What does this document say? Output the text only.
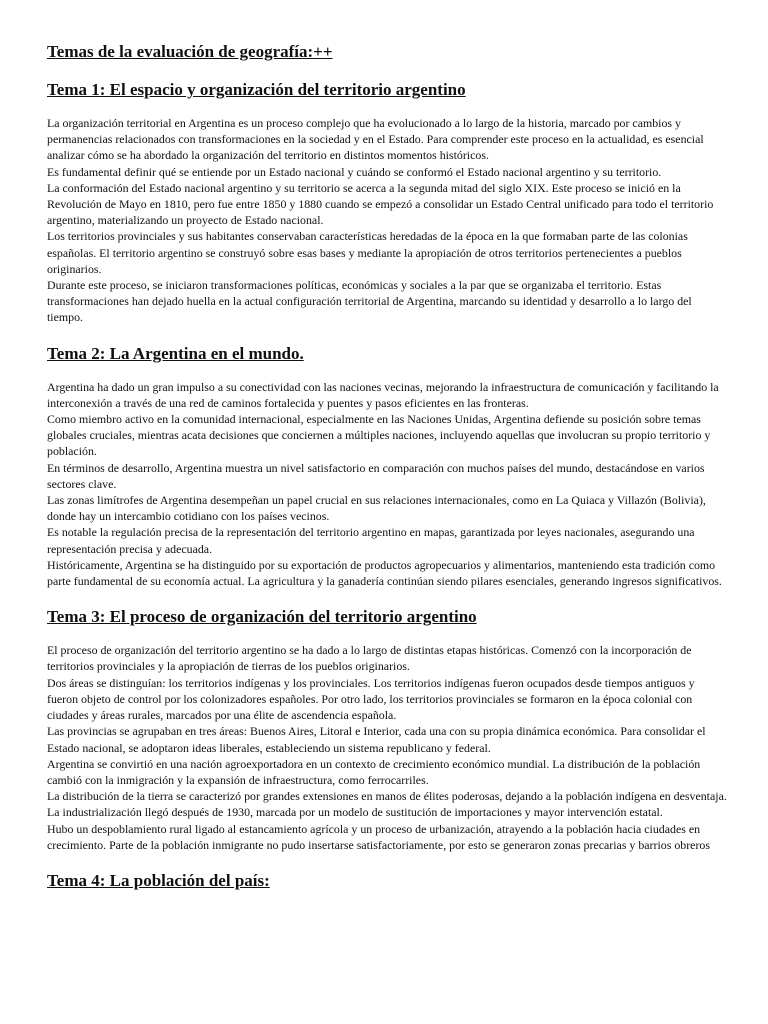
Temas de la evaluación de geografía:++
Tema 1: El espacio y organización del territorio argentino

La organización territorial en Argentina es un proceso complejo que ha evolucionado a lo largo de la historia, marcado por cambios y permanencias relacionados con transformaciones en la sociedad y en el Estado. Para comprender este proceso en la actualidad, es esencial analizar cómo se ha abordado la organización del territorio en distintos momentos históricos.

Es fundamental definir qué se entiende por un Estado nacional y cuándo se conformó el Estado nacional argentino y su territorio.

La conformación del Estado nacional argentino y su territorio se acerca a la segunda mitad del siglo XIX. Este proceso se inició en la Revolución de Mayo en 1810, pero fue entre 1850 y 1880 cuando se empezó a consolidar un Estado Central unificado para todo el territorio argentino, materializando un proyecto de Estado nacional.

Los territorios provinciales y sus habitantes conservaban características heredadas de la época en la que formaban parte de las colonias españolas. El territorio argentino se construyó sobre esas bases y mediante la apropiación de otros territorios pertenecientes a pueblos originarios.

Durante este proceso, se iniciaron transformaciones políticas, económicas y sociales a la par que se organizaba el territorio. Estas transformaciones han dejado huella en la actual configuración territorial de Argentina, marcando su identidad y desarrollo a lo largo del tiempo.

Tema 2: La Argentina en el mundo.

Argentina ha dado un gran impulso a su conectividad con las naciones vecinas, mejorando la infraestructura de comunicación y facilitando la interconexión a través de una red de caminos fortalecida y puentes y pasos eficientes en las fronteras.

Como miembro activo en la comunidad internacional, especialmente en las Naciones Unidas, Argentina defiende su posición sobre temas globales cruciales, mientras acata decisiones que conciernen a múltiples naciones, incluyendo aquellas que involucran su propio territorio y población.

En términos de desarrollo, Argentina muestra un nivel satisfactorio en comparación con muchos países del mundo, destacándose en varios sectores clave.

Las zonas limítrofes de Argentina desempeñan un papel crucial en sus relaciones internacionales, como en La Quiaca y Villazón (Bolivia), donde hay un intercambio cotidiano con los países vecinos.

Es notable la regulación precisa de la representación del territorio argentino en mapas, garantizada por leyes nacionales, asegurando una representación precisa y adecuada.

Históricamente, Argentina se ha distinguido por su exportación de productos agropecuarios y alimentarios, manteniendo esta tradición como parte fundamental de su economía actual. La agricultura y la ganadería continúan siendo pilares esenciales, generando ingresos significativos.

Tema 3: El proceso de organización del territorio argentino

El proceso de organización del territorio argentino se ha dado a lo largo de distintas etapas históricas. Comenzó con la incorporación de territorios provinciales y la apropiación de tierras de los pueblos originarios.

Dos áreas se distinguían: los territorios indígenas y los provinciales. Los territorios indígenas fueron ocupados desde tiempos antiguos y fueron objeto de control por los colonizadores españoles. Por otro lado, los territorios provinciales se formaron en la época colonial con ciudades y áreas rurales, marcados por una élite de ascendencia española.

Las provincias se agrupaban en tres áreas: Buenos Aires, Litoral e Interior, cada una con su propia dinámica económica. Para consolidar el Estado nacional, se adoptaron ideas liberales, estableciendo un sistema republicano y federal.

Argentina se convirtió en una nación agroexportadora en un contexto de crecimiento económico mundial. La distribución de la población cambió con la inmigración y la expansión de infraestructura, como ferrocarriles.

La distribución de la tierra se caracterizó por grandes extensiones en manos de élites poderosas, dejando a la población indígena en desventaja. La industrialización llegó después de 1930, marcada por un modelo de sustitución de importaciones y mayor intervención estatal.

Hubo un despoblamiento rural ligado al estancamiento agrícola y un proceso de urbanización, atrayendo a la población hacia ciudades en crecimiento. Parte de la población inmigrante no pudo insertarse satisfactoriamente, por esto se generaron zonas precarias y barrios obreros

Tema 4: La población del país:
